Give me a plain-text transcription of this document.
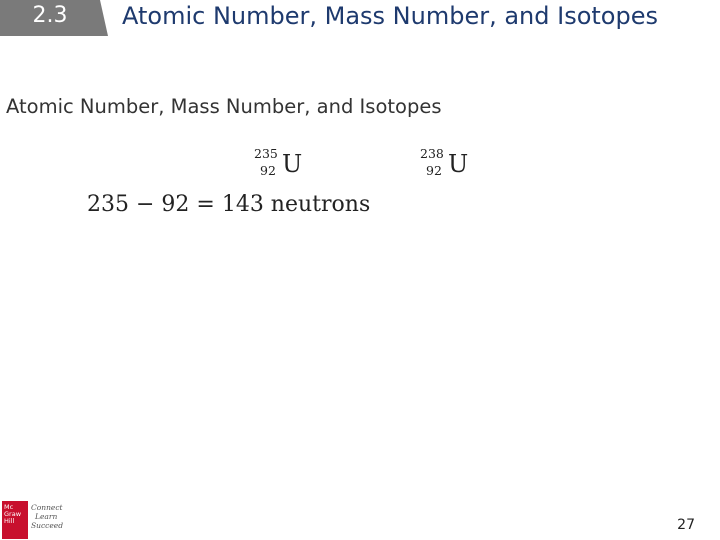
2.3	Atomic Number, Mass Number, and Isotopes
Atomic Number, Mass Number, and Isotopes
235
92 U	238
92 U
235 − 92 = 143 neutrons
Mc
Graw
Hill
Connect
Learn
Succeed	27
